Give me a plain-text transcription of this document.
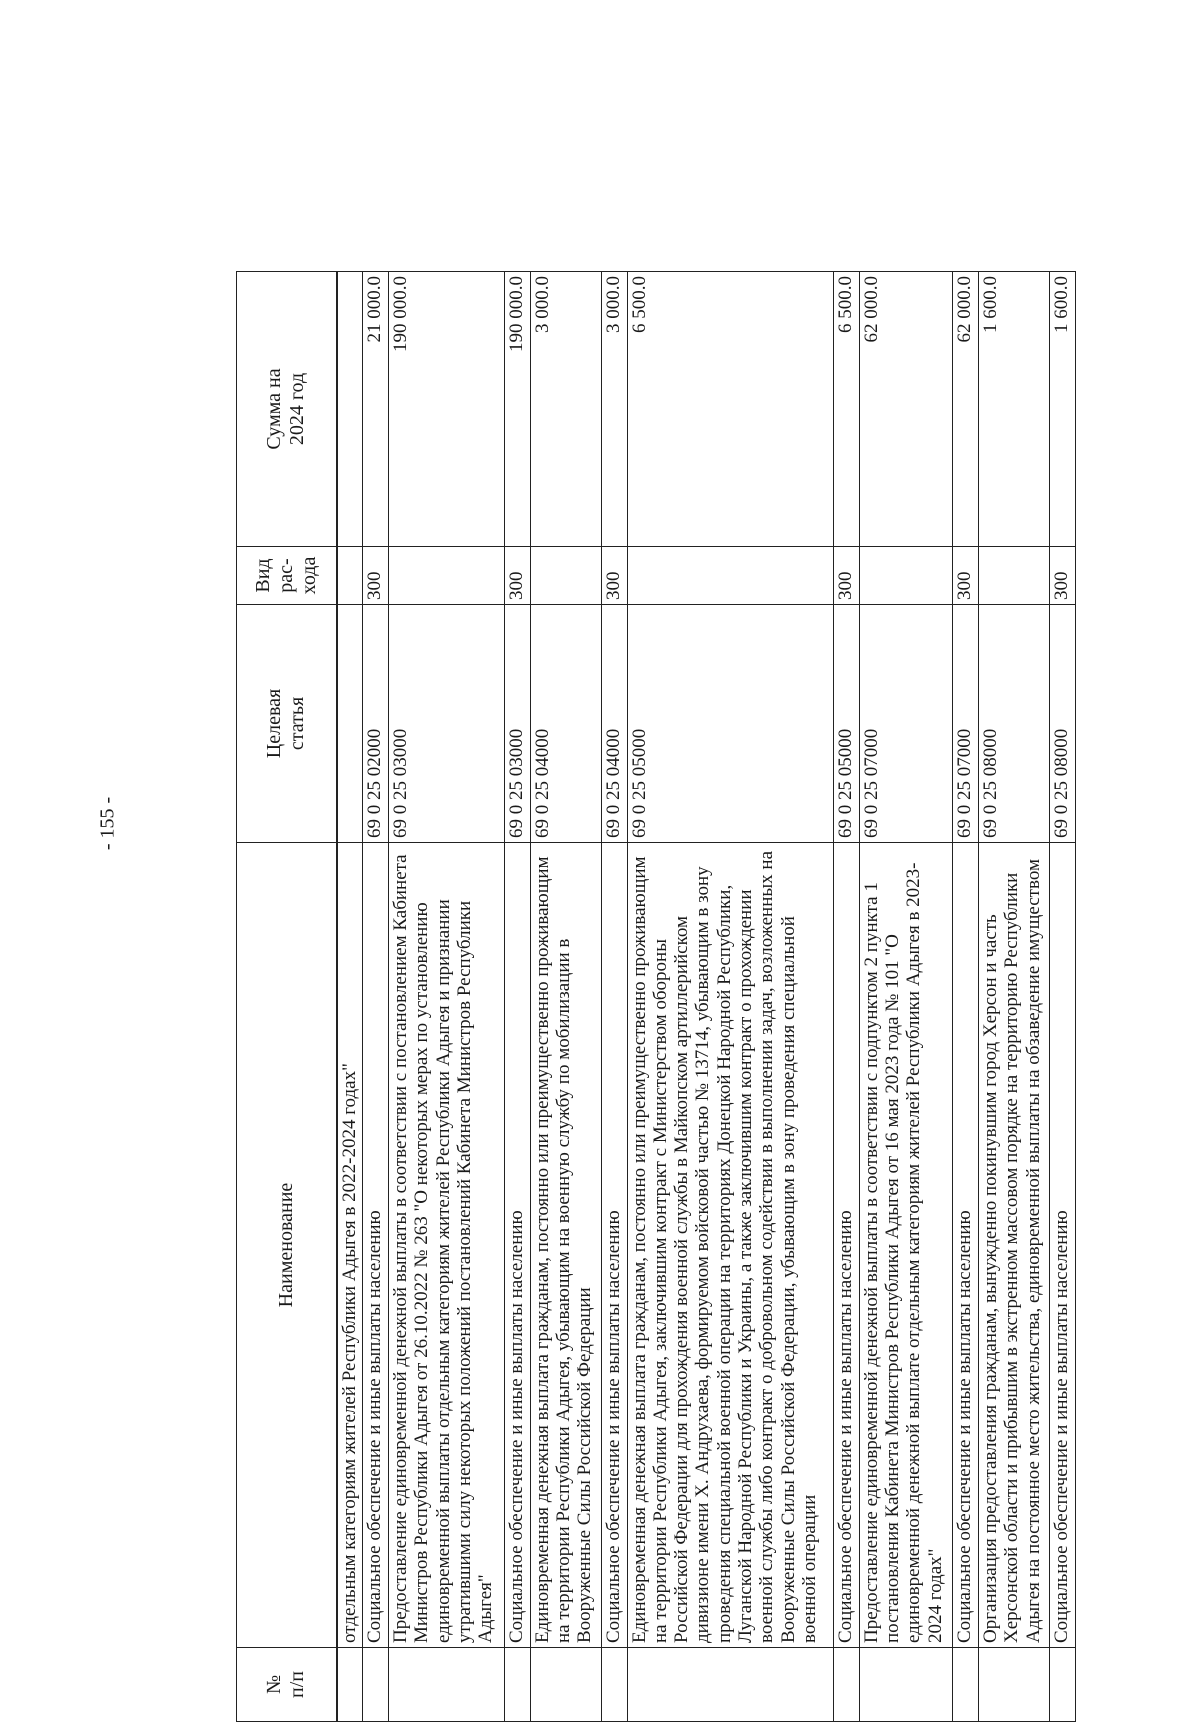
- 155 -
№ п/п	Наименование	Целевая статья	Вид рас- хода	Сумма на 2024 год

	отдельным категориям жителей Республики Адыгея в 2022-2024 годах"			
	Социальное обеспечение и иные выплаты населению	69 0 25 02000	300	21 000.0
	Предоставление единовременной денежной выплаты в соответствии с постановлением Кабинета Министров Республики Адыгея от 26.10.2022 № 263 "О некоторых мерах по установлению единовременной выплаты отдельным категориям жителей Республики Адыгея и признании утратившими силу некоторых положений постановлений Кабинета Министров Республики Адыгея"	69 0 25 03000		190 000.0
	Социальное обеспечение и иные выплаты населению	69 0 25 03000	300	190 000.0
	Единовременная денежная выплата гражданам, постоянно или преимущественно проживающим на территории Республики Адыгея, убывающим на военную службу по мобилизации в Вооруженные Силы Российской Федерации	69 0 25 04000		3 000.0
	Социальное обеспечение и иные выплаты населению	69 0 25 04000	300	3 000.0
	Единовременная денежная выплата гражданам, постоянно или преимущественно проживающим на территории Республики Адыгея, заключившим контракт с Министерством обороны Российской Федерации для прохождения военной службы в Майкопском артиллерийском дивизионе имени Х. Андрухаева, формируемом войсковой частью № 13714, убывающим в зону проведения специальной военной операции на территориях Донецкой Народной Республики, Луганской Народной Республики и Украины, а также заключившим контракт о прохождении военной службы либо контракт о добровольном содействии в выполнении задач, возложенных на Вооруженные Силы Российской Федерации, убывающим в зону проведения специальной военной операции	69 0 25 05000		6 500.0
	Социальное обеспечение и иные выплаты населению	69 0 25 05000	300	6 500.0
	Предоставление единовременной денежной выплаты в соответствии с подпунктом 2 пункта 1 постановления Кабинета Министров Республики Адыгея от 16 мая 2023 года № 101 "О единовременной денежной выплате отдельным категориям жителей Республики Адыгея в 2023-2024 годах"	69 0 25 07000		62 000.0
	Социальное обеспечение и иные выплаты населению	69 0 25 07000	300	62 000.0
	Организация предоставления гражданам, вынужденно покинувшим город Херсон и часть Херсонской области и прибывшим в экстренном массовом порядке на территорию Республики Адыгея на постоянное место жительства, единовременной выплаты на обзаведение имуществом	69 0 25 08000		1 600.0
	Социальное обеспечение и иные выплаты населению	69 0 25 08000	300	1 600.0
